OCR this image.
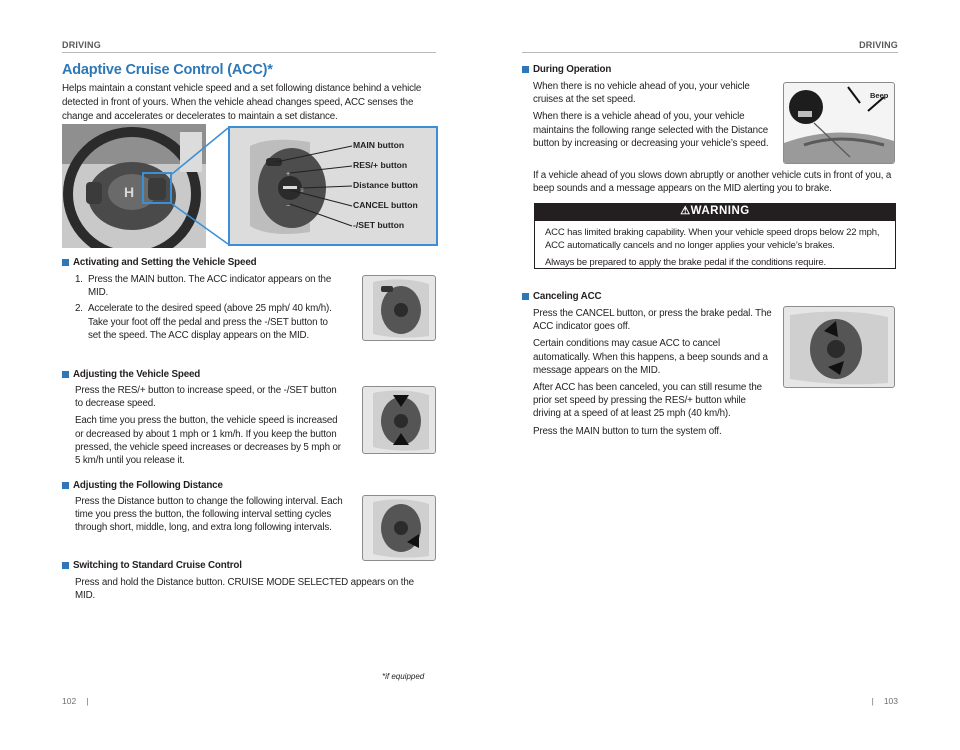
DRIVING	DRIVING
Adaptive Cruise Control (ACC)*
Helps maintain a constant vehicle speed and a set following distance behind a vehicle detected in front of yours. When the vehicle ahead changes speed, ACC senses the change and accelerates or decelerates to maintain a set distance.
H
+
−
≡
MAIN button
RES/+ button
Distance button
CANCEL button
-/SET button
Activating and Setting the Vehicle Speed
1. Press the MAIN button. The ACC indicator appears on the MID.
2. Accelerate to the desired speed (above 25 mph/ 40 km/h). Take your foot off the pedal and press the -/SET button to set the speed. The ACC display appears on the MID.
Adjusting the Vehicle Speed

Press the RES/+ button to increase speed, or the -/SET button to decrease speed.

Each time you press the button, the vehicle speed is increased or decreased by about 1 mph or 1 km/h. If you keep the button pressed, the vehicle speed increases or decreases by 5 mph or 5 km/h until you release it.

Adjusting the Following Distance

Press the Distance button to change the following interval. Each time you press the button, the following interval setting cycles through short, middle, long, and extra long following intervals.

Switching to Standard Cruise Control

Press and hold the Distance button. CRUISE MODE SELECTED appears on the MID.

*if equipped
102 |
During Operation

When there is no vehicle ahead of you, your vehicle cruises at the set speed.

When there is a vehicle ahead of you, your vehicle maintains the following range selected with the Distance button by increasing or decreasing your vehicle’s speed.

If a vehicle ahead of you slows down abruptly or another vehicle cuts in front of you, a beep sounds and a message appears on the MID alerting you to brake.

Beep
⚠WARNING

ACC has limited braking capability. When your vehicle speed drops below 22 mph, ACC automatically cancels and no longer applies your vehicle’s brakes.

Always be prepared to apply the brake pedal if the conditions require.

Canceling ACC

Press the CANCEL button, or press the brake pedal. The ACC indicator goes off.

Certain conditions may casue ACC to cancel automatically. When this happens, a beep sounds and a message appears on the MID.

After ACC has been canceled, you can still resume the prior set speed by pressing the RES/+ button while driving at a speed of at least 25 mph (40 km/h).

Press the MAIN button to turn the system off.

| 103
